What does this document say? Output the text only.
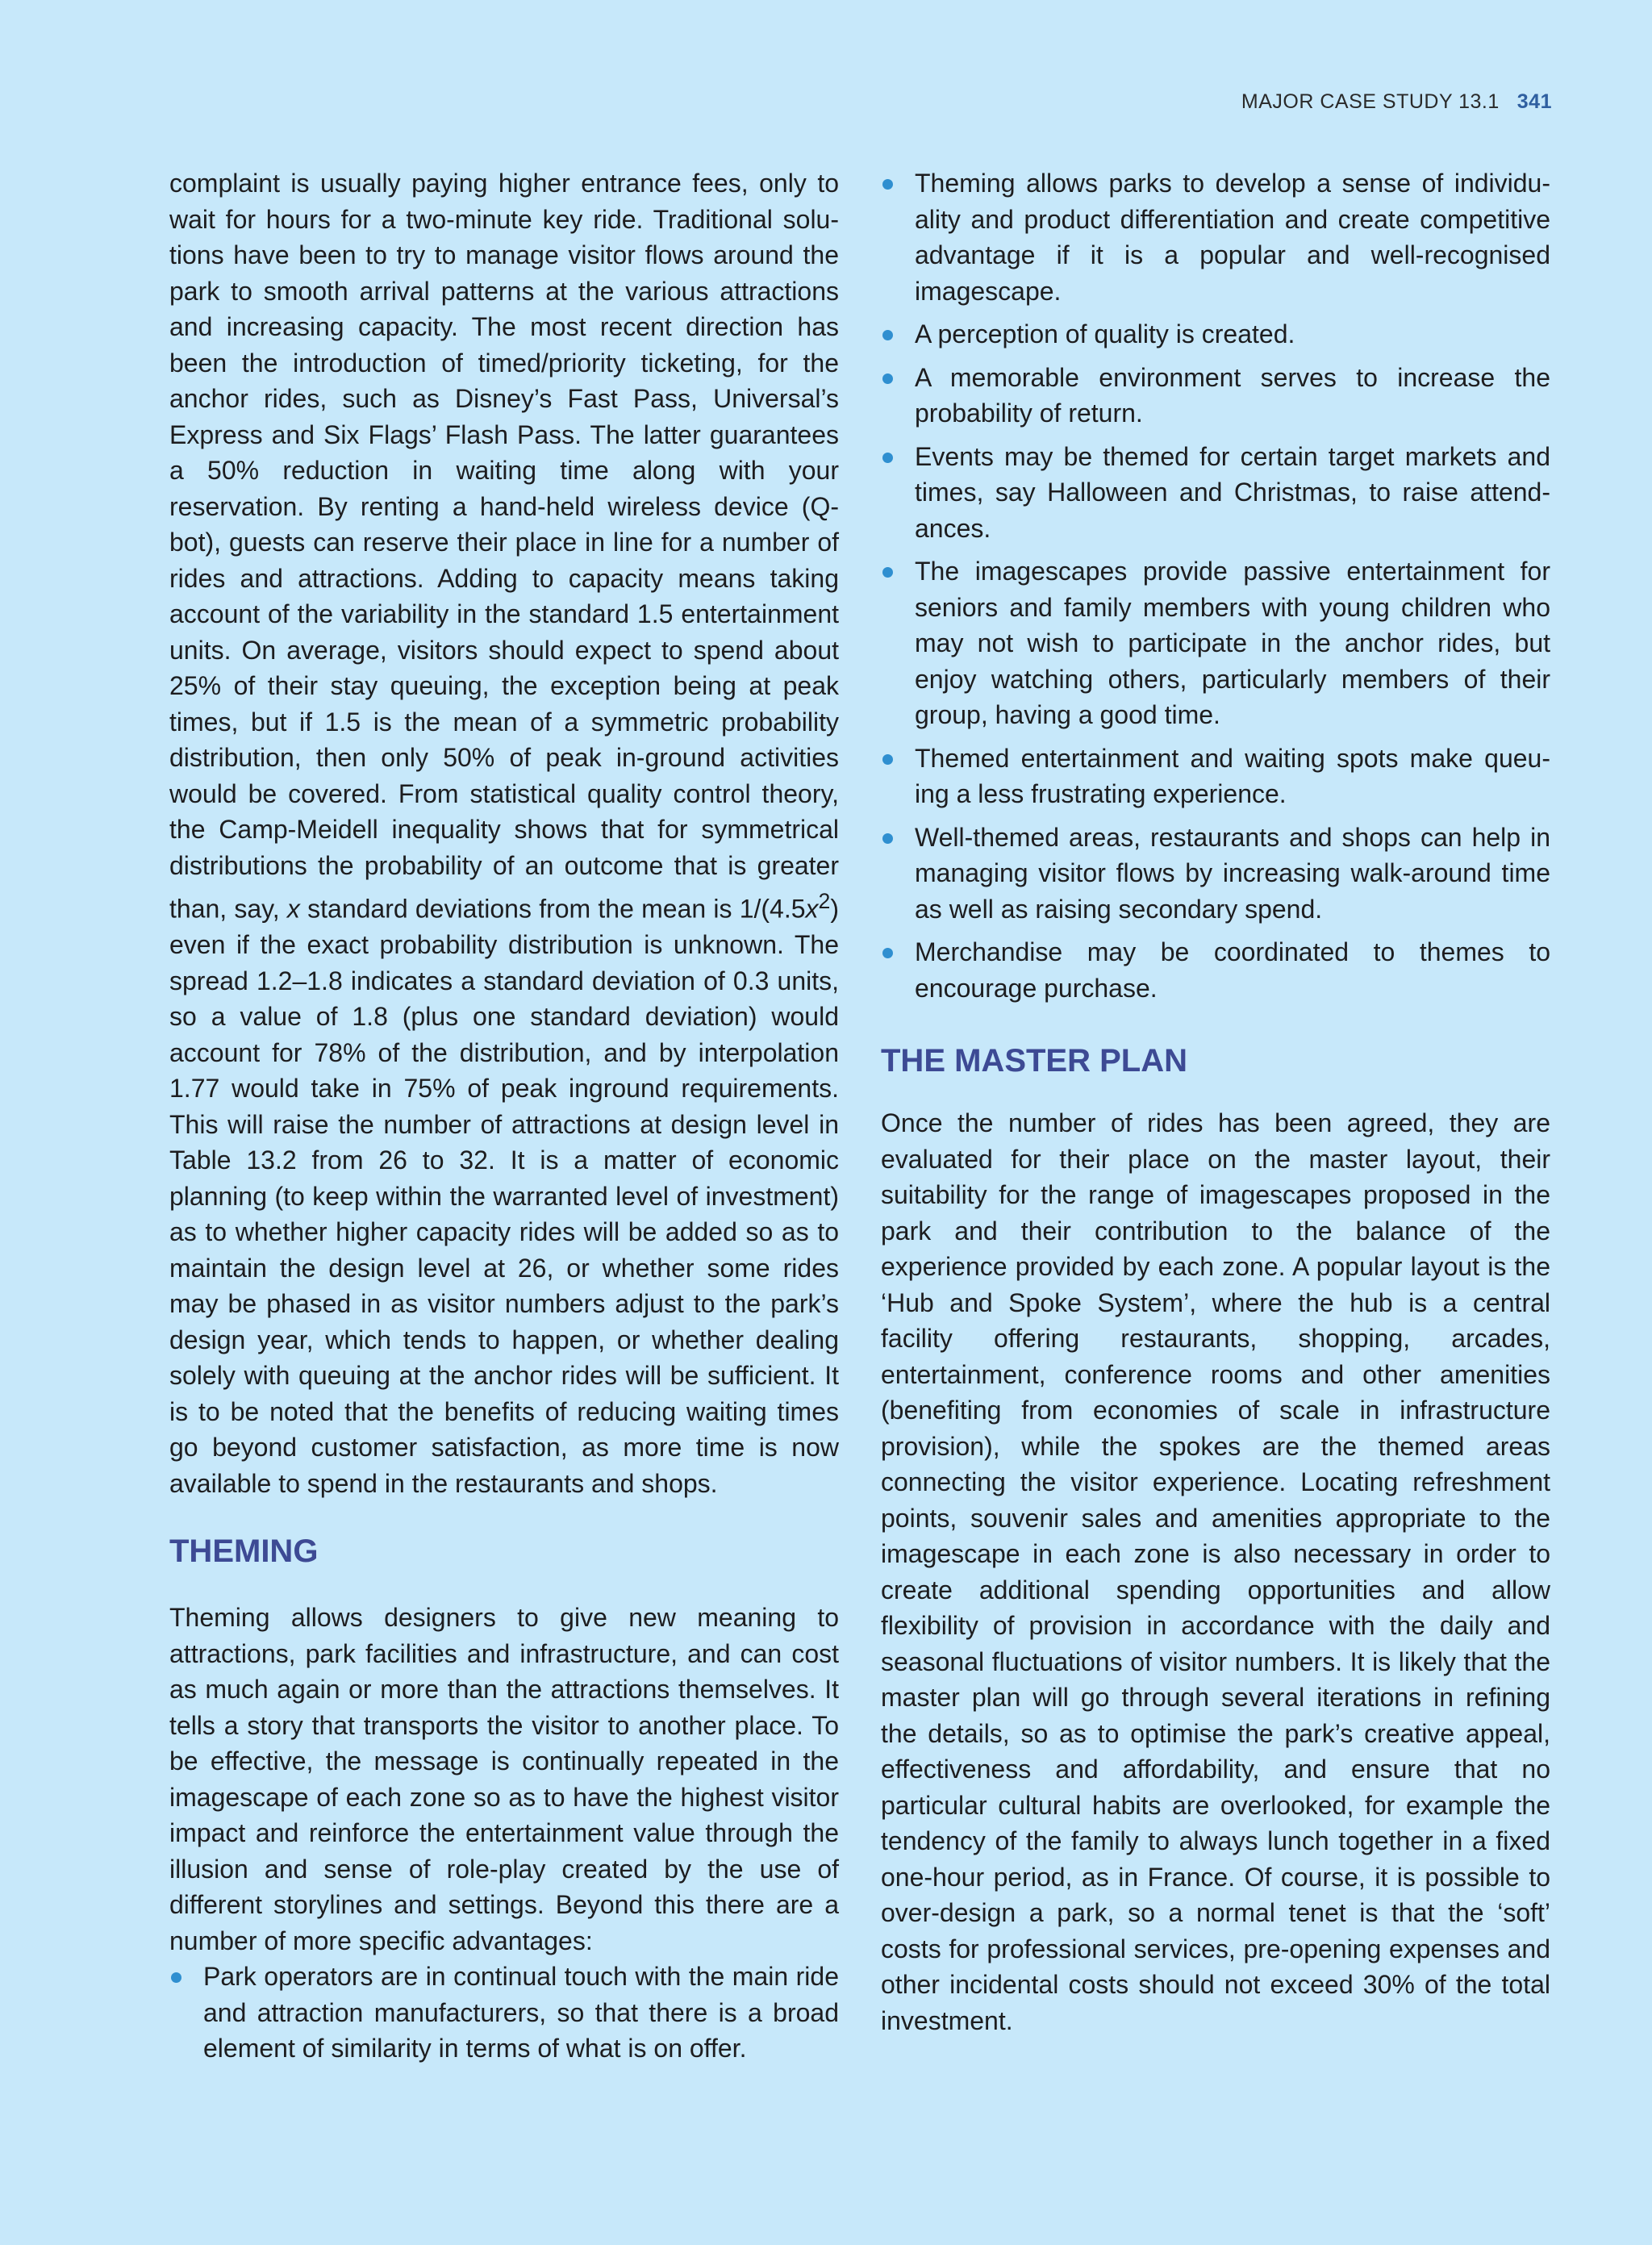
MAJOR CASE STUDY 13.1 341

complaint is usually paying higher entrance fees, only to wait for hours for a two-minute key ride. Traditional solutions have been to try to manage visitor flows around the park to smooth arrival patterns at the various attractions and increasing capacity. The most recent direction has been the introduction of timed/priority ticketing, for the anchor rides, such as Disney’s Fast Pass, Universal’s Express and Six Flags’ Flash Pass. The latter guarantees a 50% reduction in waiting time along with your reservation. By renting a hand-held wireless device (Q-bot), guests can reserve their place in line for a number of rides and attractions. Adding to capacity means taking account of the variability in the standard 1.5 entertainment units. On average, visitors should expect to spend about 25% of their stay queuing, the exception being at peak times, but if 1.5 is the mean of a symmetric probability distribution, then only 50% of peak in-ground activities would be covered. From statistical quality control theory, the Camp-Meidell inequality shows that for symmetrical distributions the probability of an outcome that is greater than, say, x standard deviations from the mean is $1/(4.5x^2)$ even if the exact probability distribution is unknown. The spread 1.2–1.8 indicates a standard deviation of 0.3 units, so a value of 1.8 (plus one standard deviation) would account for 78% of the distribution, and by interpolation 1.77 would take in 75% of peak inground requirements. This will raise the number of attractions at design level in Table 13.2 from 26 to 32. It is a matter of economic planning (to keep within the warranted level of investment) as to whether higher capacity rides will be added so as to maintain the design level at 26, or whether some rides may be phased in as visitor numbers adjust to the park’s design year, which tends to happen, or whether dealing solely with queuing at the anchor rides will be sufficient. It is to be noted that the benefits of reducing waiting times go beyond customer satisfaction, as more time is now available to spend in the restaurants and shops.

THEMING

Theming allows designers to give new meaning to attractions, park facilities and infrastructure, and can cost as much again or more than the attractions themselves. It tells a story that transports the visitor to another place. To be effective, the message is continually repeated in the imagescape of each zone so as to have the highest visitor impact and reinforce the entertainment value through the illusion and sense of role-play created by the use of different storylines and settings. Beyond this there are a number of more specific advantages:

Park operators are in continual touch with the main ride and attraction manufacturers, so that there is a broad element of similarity in terms of what is on offer.
Theming allows parks to develop a sense of individuality and product differentiation and create competitive advantage if it is a popular and well-recognised imagescape.
A perception of quality is created.
A memorable environment serves to increase the probability of return.
Events may be themed for certain target markets and times, say Halloween and Christmas, to raise attendances.
The imagescapes provide passive entertainment for seniors and family members with young children who may not wish to participate in the anchor rides, but enjoy watching others, particularly members of their group, having a good time.
Themed entertainment and waiting spots make queuing a less frustrating experience.
Well-themed areas, restaurants and shops can help in managing visitor flows by increasing walk-around time as well as raising secondary spend.
Merchandise may be coordinated to themes to encourage purchase.
THE MASTER PLAN

Once the number of rides has been agreed, they are evaluated for their place on the master layout, their suitability for the range of imagescapes proposed in the park and their contribution to the balance of the experience provided by each zone. A popular layout is the ‘Hub and Spoke System’, where the hub is a central facility offering restaurants, shopping, arcades, entertainment, conference rooms and other amenities (benefiting from economies of scale in infrastructure provision), while the spokes are the themed areas connecting the visitor experience. Locating refreshment points, souvenir sales and amenities appropriate to the imagescape in each zone is also necessary in order to create additional spending opportunities and allow flexibility of provision in accordance with the daily and seasonal fluctuations of visitor numbers. It is likely that the master plan will go through several iterations in refining the details, so as to optimise the park’s creative appeal, effectiveness and affordability, and ensure that no particular cultural habits are overlooked, for example the tendency of the family to always lunch together in a fixed one-hour period, as in France. Of course, it is possible to over-design a park, so a normal tenet is that the ‘soft’ costs for professional services, pre-opening expenses and other incidental costs should not exceed 30% of the total investment.
